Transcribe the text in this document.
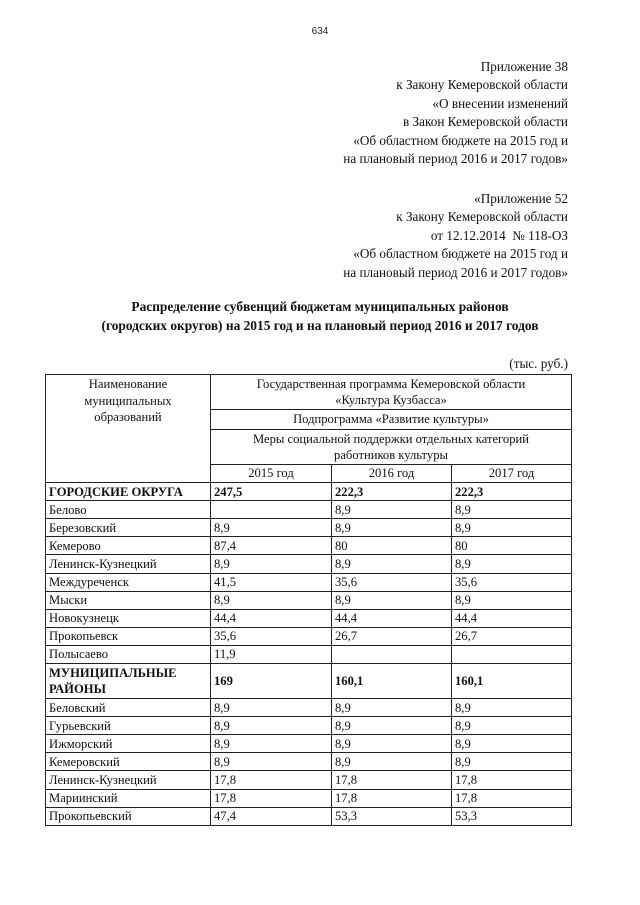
634
Приложение 38
к Закону Кемеровской области
«О внесении изменений
в Закон Кемеровской области
«Об областном бюджете на 2015 год и
на плановый период 2016 и 2017 годов»
«Приложение 52
к Закону Кемеровской области
от 12.12.2014  № 118-ОЗ
«Об областном бюджете на 2015 год и
на плановый период 2016 и 2017 годов»
Распределение субвенций бюджетам муниципальных районов
(городских округов) на 2015 год и на плановый период 2016 и 2017 годов
(тыс. руб.)
Наименование муниципальных образований	Государственная программа Кемеровской области «Культура Кузбасса»		

	Подпрограмма «Развитие культуры»		

	Меры социальной поддержки отдельных категорий работников культуры		

	2015 год	2016 год	2017 год
ГОРОДСКИЕ ОКРУГА	247,5	222,3	222,3
Белово		8,9	8,9
Березовский	8,9	8,9	8,9
Кемерово	87,4	80	80
Ленинск-Кузнецкий	8,9	8,9	8,9
Междуреченск	41,5	35,6	35,6
Мыски	8,9	8,9	8,9
Новокузнецк	44,4	44,4	44,4
Прокопьевск	35,6	26,7	26,7
Полысаево	11,9		
МУНИЦИПАЛЬНЫЕ РАЙОНЫ	169	160,1	160,1
Беловский	8,9	8,9	8,9
Гурьевский	8,9	8,9	8,9
Ижморский	8,9	8,9	8,9
Кемеровский	8,9	8,9	8,9
Ленинск-Кузнецкий	17,8	17,8	17,8
Мариинский	17,8	17,8	17,8
Прокопьевский	47,4	53,3	53,3
